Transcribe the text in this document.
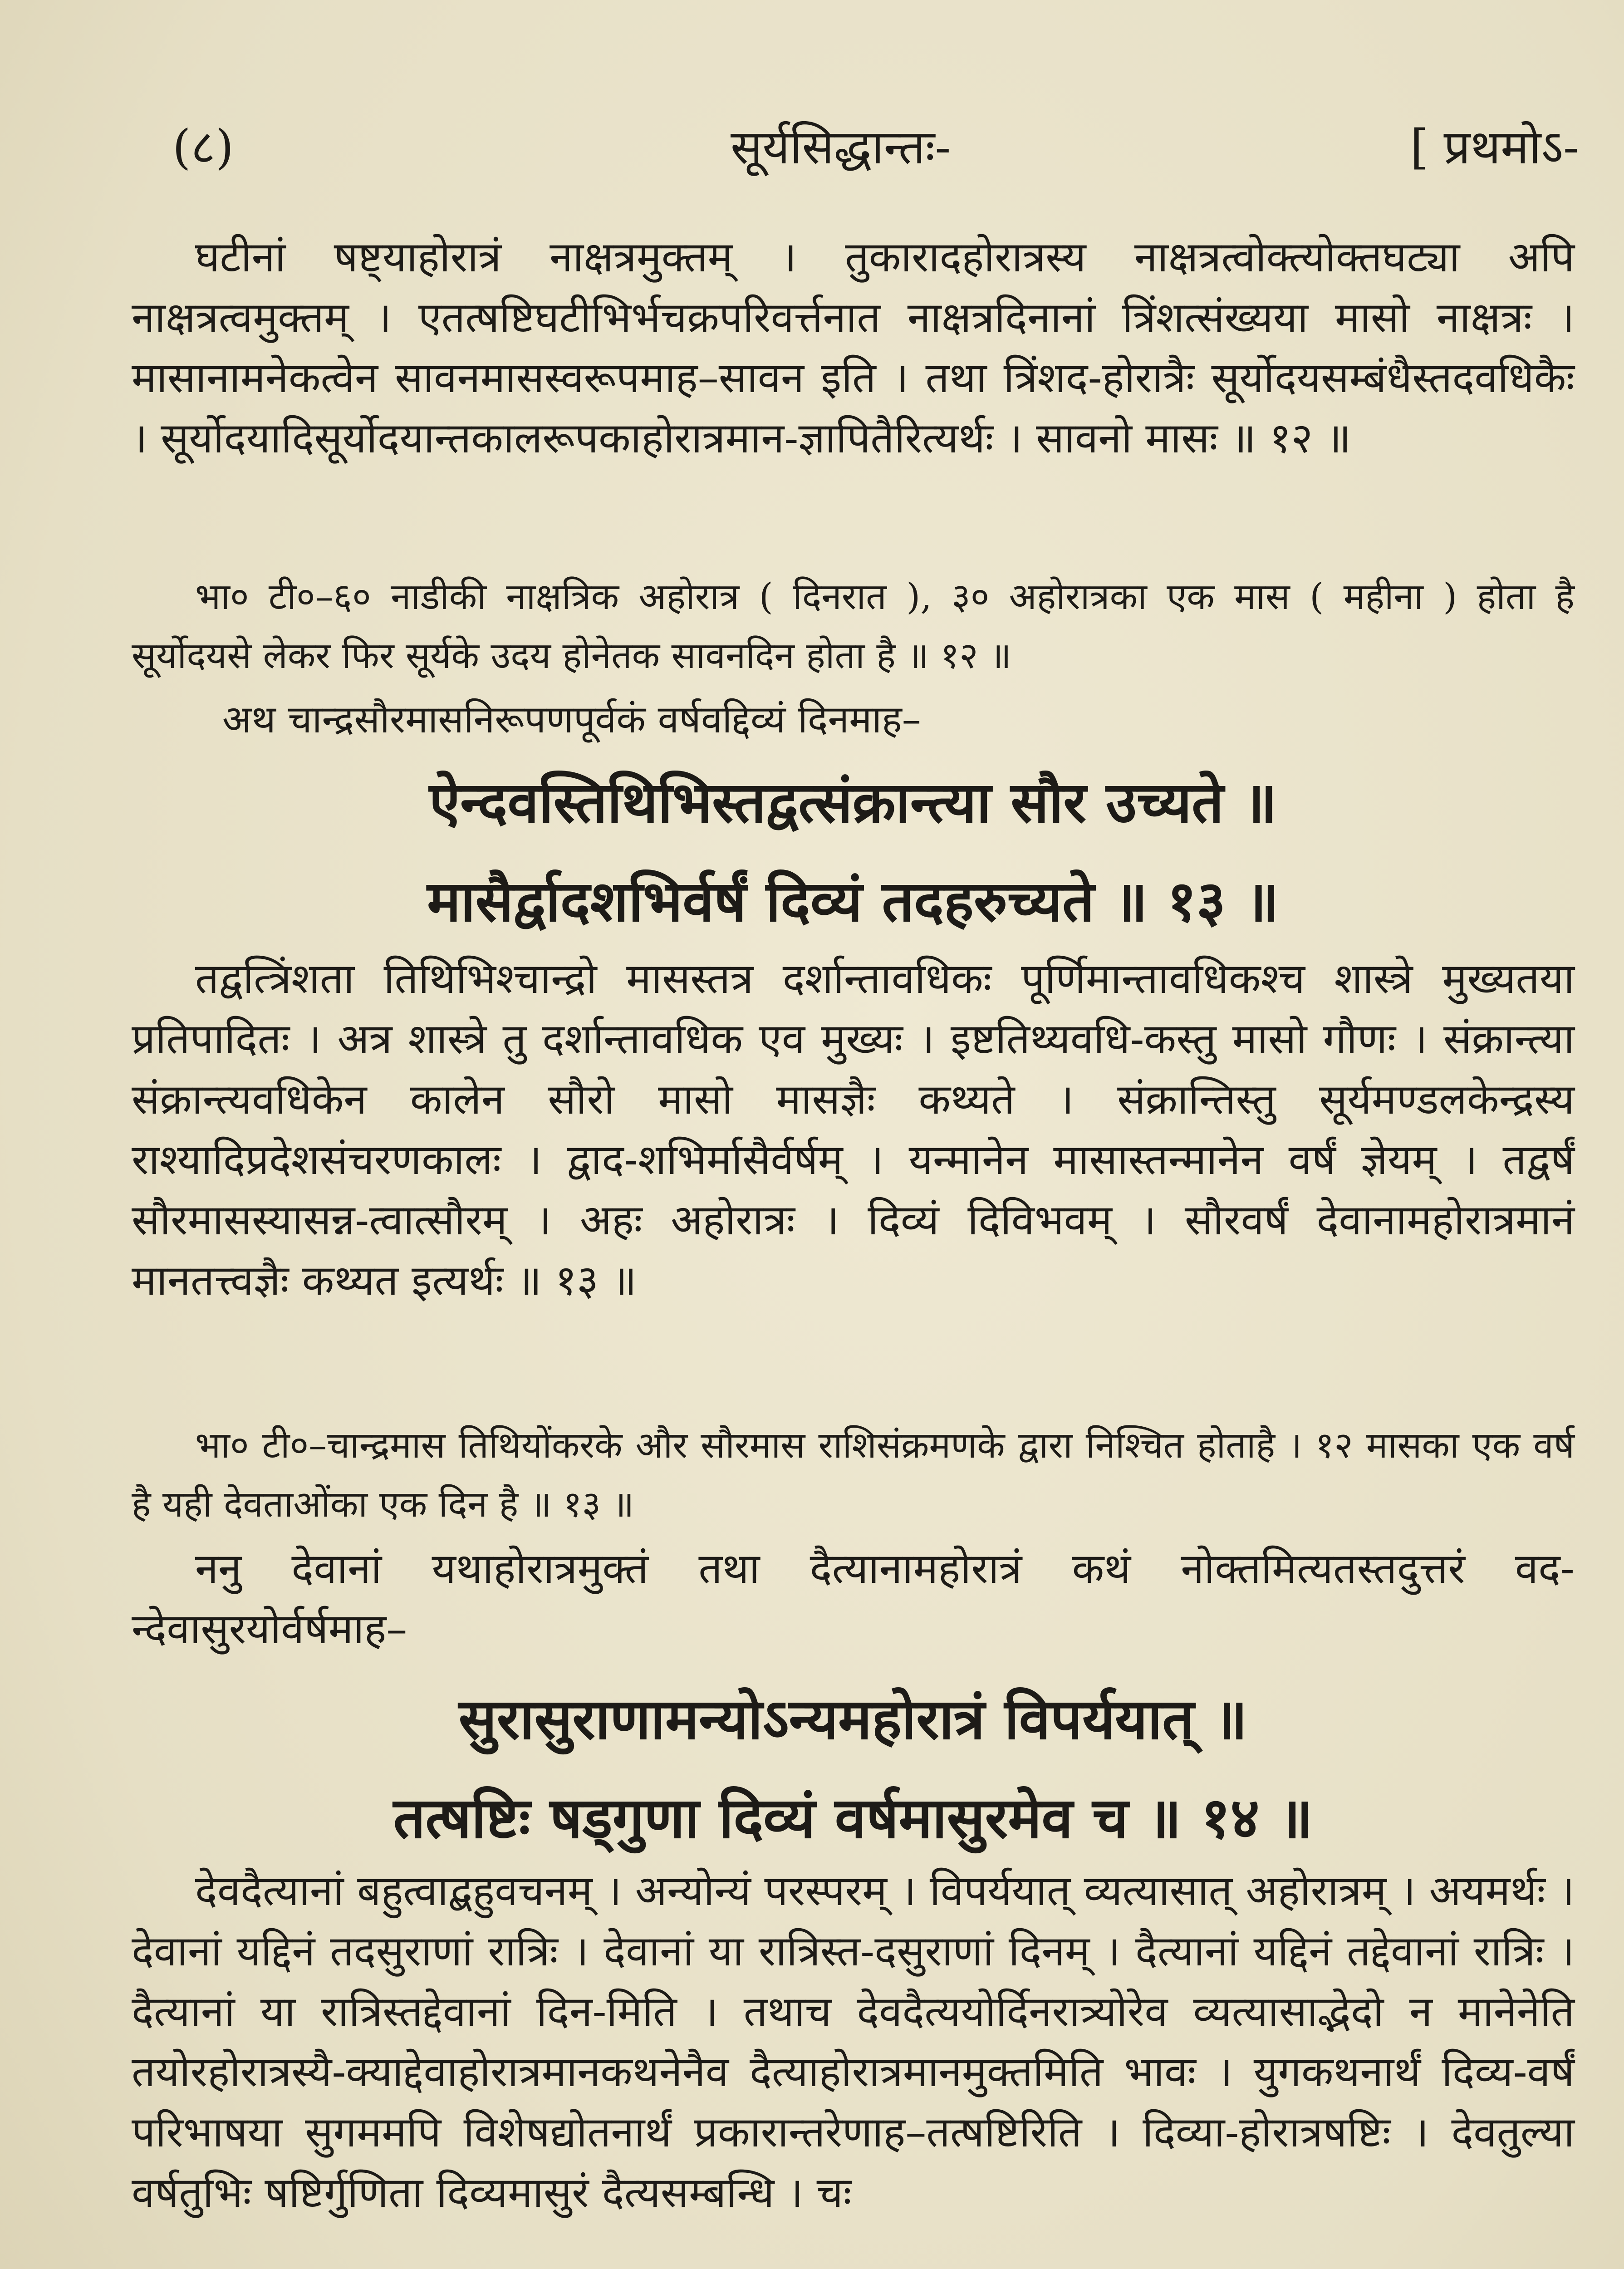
(८)	सूर्यसिद्धान्तः-	[ प्रथमोऽ-
घटीनां षष्ट्याहोरात्रं नाक्षत्रमुक्तम् । तुकारादहोरात्रस्य नाक्षत्रत्वोक्त्योक्तघट्या अपि नाक्षत्रत्वमुक्तम् । एतत्षष्टिघटीभिर्भचक्रपरिवर्त्तनात नाक्षत्रदिनानां त्रिंशत्संख्यया मासो नाक्षत्रः । मासानामनेकत्वेन सावनमासस्वरूपमाह–सावन इति । तथा त्रिंशद-होरात्रैः सूर्योदयसम्बंधैस्तदवधिकैः । सूर्योदयादिसूर्योदयान्तकालरूपकाहोरात्रमान-ज्ञापितैरित्यर्थः । सावनो मासः ॥ १२ ॥
भा० टी०–६० नाडीकी नाक्षत्रिक अहोरात्र ( दिनरात ), ३० अहोरात्रका एक मास ( महीना ) होता है सूर्योदयसे लेकर फिर सूर्यके उदय होनेतक सावनदिन होता है ॥ १२ ॥
अथ चान्द्रसौरमासनिरूपणपूर्वकं वर्षवद्दिव्यं दिनमाह–
ऐन्दवस्तिथिभिस्तद्वत्संक्रान्त्या सौर उच्यते ॥
मासैर्द्वादशभिर्वर्षं दिव्यं तदहरुच्यते ॥ १३ ॥
तद्वत्त्रिंशता तिथिभिश्चान्द्रो मासस्तत्र दर्शान्तावधिकः पूर्णिमान्तावधिकश्च शास्त्रे मुख्यतया प्रतिपादितः । अत्र शास्त्रे तु दर्शान्तावधिक एव मुख्यः । इष्टतिथ्यवधि-कस्तु मासो गौणः । संक्रान्त्या संक्रान्त्यवधिकेन कालेन सौरो मासो मासज्ञैः कथ्यते । संक्रान्तिस्तु सूर्यमण्डलकेन्द्रस्य राश्यादिप्रदेशसंचरणकालः । द्वाद-शभिर्मासैर्वर्षम् । यन्मानेन मासास्तन्मानेन वर्षं ज्ञेयम् । तद्वर्षं सौरमासस्यासन्न-त्वात्सौरम् । अहः अहोरात्रः । दिव्यं दिविभवम् । सौरवर्षं देवानामहोरात्रमानं मानतत्त्वज्ञैः कथ्यत इत्यर्थः ॥ १३ ॥
भा० टी०–चान्द्रमास तिथियोंकरके और सौरमास राशिसंक्रमणके द्वारा निश्चित होताहै । १२ मासका एक वर्ष है यही देवताओंका एक दिन है ॥ १३ ॥
ननु देवानां यथाहोरात्रमुक्तं तथा दैत्यानामहोरात्रं कथं नोक्तमित्यतस्तदुत्तरं वद-न्देवासुरयोर्वर्षमाह–
सुरासुराणामन्योऽन्यमहोरात्रं विपर्ययात् ॥
तत्षष्टिः षड्गुणा दिव्यं वर्षमासुरमेव च ॥ १४ ॥
देवदैत्यानां बहुत्वाद्बहुवचनम् । अन्योन्यं परस्परम् । विपर्ययात् व्यत्यासात् अहोरात्रम् । अयमर्थः । देवानां यद्दिनं तदसुराणां रात्रिः । देवानां या रात्रिस्त-दसुराणां दिनम् । दैत्यानां यद्दिनं तद्देवानां रात्रिः । दैत्यानां या रात्रिस्तद्देवानां दिन-मिति । तथाच देवदैत्ययोर्दिनरात्र्योरेव व्यत्यासाद्भेदो न मानेनेति तयोरहोरात्रस्यै-क्याद्देवाहोरात्रमानकथनेनैव दैत्याहोरात्रमानमुक्तमिति भावः । युगकथनार्थं दिव्य-वर्षं परिभाषया सुगममपि विशेषद्योतनार्थं प्रकारान्तरेणाह–तत्षष्टिरिति । दिव्या-होरात्रषष्टिः । देवतुल्या वर्षतुभिः षष्टिर्गुणिता दिव्यमासुरं दैत्यसम्बन्धि । चः
